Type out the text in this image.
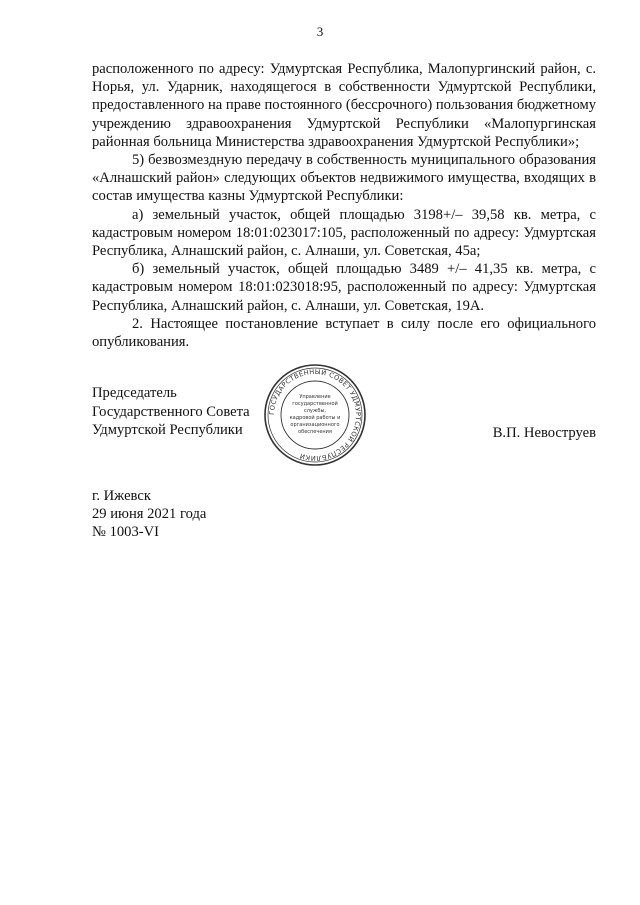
3

расположенного по адресу: Удмуртская Республика, Малопургинский район, с. Норья, ул. Ударник, находящегося в собственности Удмуртской Республики, предоставленного на праве постоянного (бессрочного) пользования бюджетному учреждению здравоохранения Удмуртской Республики «Малопургинская районная больница Министерства здравоохранения Удмуртской Республики»;

5) безвозмездную передачу в собственность муниципального образования «Алнашский район» следующих объектов недвижимого имущества, входящих в состав имущества казны Удмуртской Республики:

а) земельный участок, общей площадью 3198+/– 39,58 кв. метра, с кадастровым номером 18:01:023017:105, расположенный по адресу: Удмуртская Республика, Алнашский район, с. Алнаши, ул. Советская, 45а;

б) земельный участок, общей площадью 3489 +/– 41,35 кв. метра, с кадастровым номером 18:01:023018:95, расположенный по адресу: Удмуртская Республика, Алнашский район, с. Алнаши, ул. Советская, 19А.

2. Настоящее постановление вступает в силу после его официального опубликования.

Председатель
Государственного Совета
Удмуртской Республики	В.П. Невоструев
ГОСУДАРСТВЕННЫЙ СОВЕТ УДМУРТСКОЙ РЕСПУБЛИКИ
Управление
государственной
службы,
кадровой работы и
организационного
обеспечения
г. Ижевск
29 июня 2021 года
№ 1003-VI
